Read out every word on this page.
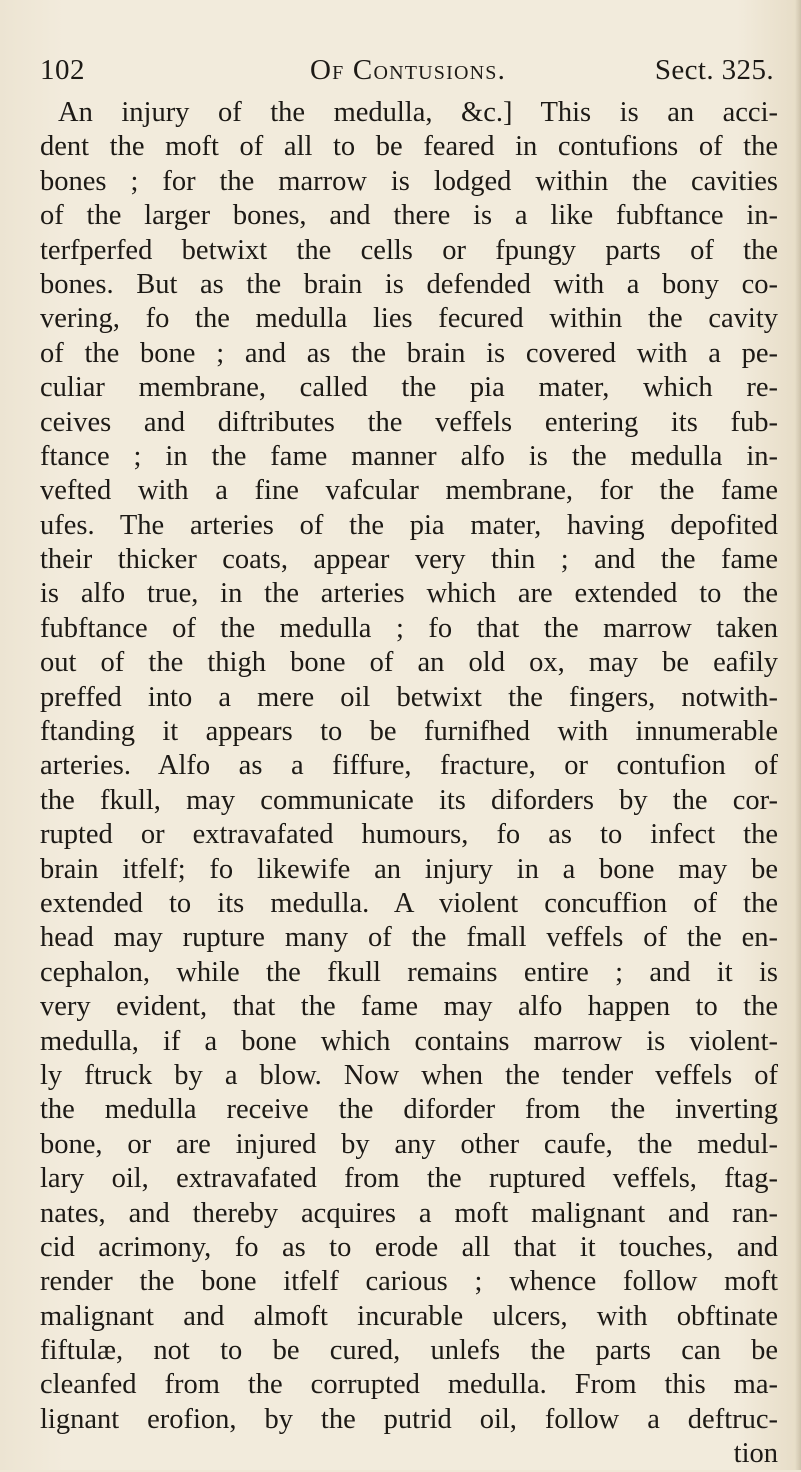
102	Of Contusions.	Sect. 325.
An injury of the medulla, &c.] This is an acci-
dent the moft of all to be feared in contufions of the
bones ; for the marrow is lodged within the cavities
of the larger bones, and there is a like fubftance in-
terfperfed betwixt the cells or fpungy parts of the
bones. But as the brain is defended with a bony co-
vering, fo the medulla lies fecured within the cavity
of the bone ; and as the brain is covered with a pe-
culiar membrane, called the pia mater, which re-
ceives and diftributes the veffels entering its fub-
ftance ; in the fame manner alfo is the medulla in-
vefted with a fine vafcular membrane, for the fame
ufes. The arteries of the pia mater, having depofited
their thicker coats, appear very thin ; and the fame
is alfo true, in the arteries which are extended to the
fubftance of the medulla ; fo that the marrow taken
out of the thigh bone of an old ox, may be eafily
preffed into a mere oil betwixt the fingers, notwith-
ftanding it appears to be furnifhed with innumerable
arteries. Alfo as a fiffure, fracture, or contufion of
the fkull, may communicate its diforders by the cor-
rupted or extravafated humours, fo as to infect the
brain itfelf; fo likewife an injury in a bone may be
extended to its medulla. A violent concuffion of the
head may rupture many of the fmall veffels of the en-
cephalon, while the fkull remains entire ; and it is
very evident, that the fame may alfo happen to the
medulla, if a bone which contains marrow is violent-
ly ftruck by a blow. Now when the tender veffels of
the medulla receive the diforder from the inverting
bone, or are injured by any other caufe, the medul-
lary oil, extravafated from the ruptured veffels, ftag-
nates, and thereby acquires a moft malignant and ran-
cid acrimony, fo as to erode all that it touches, and
render the bone itfelf carious ; whence follow moft
malignant and almoft incurable ulcers, with obftinate
fiftulæ, not to be cured, unlefs the parts can be
cleanfed from the corrupted medulla. From this ma-
lignant erofion, by the putrid oil, follow a deftruc-
tion
